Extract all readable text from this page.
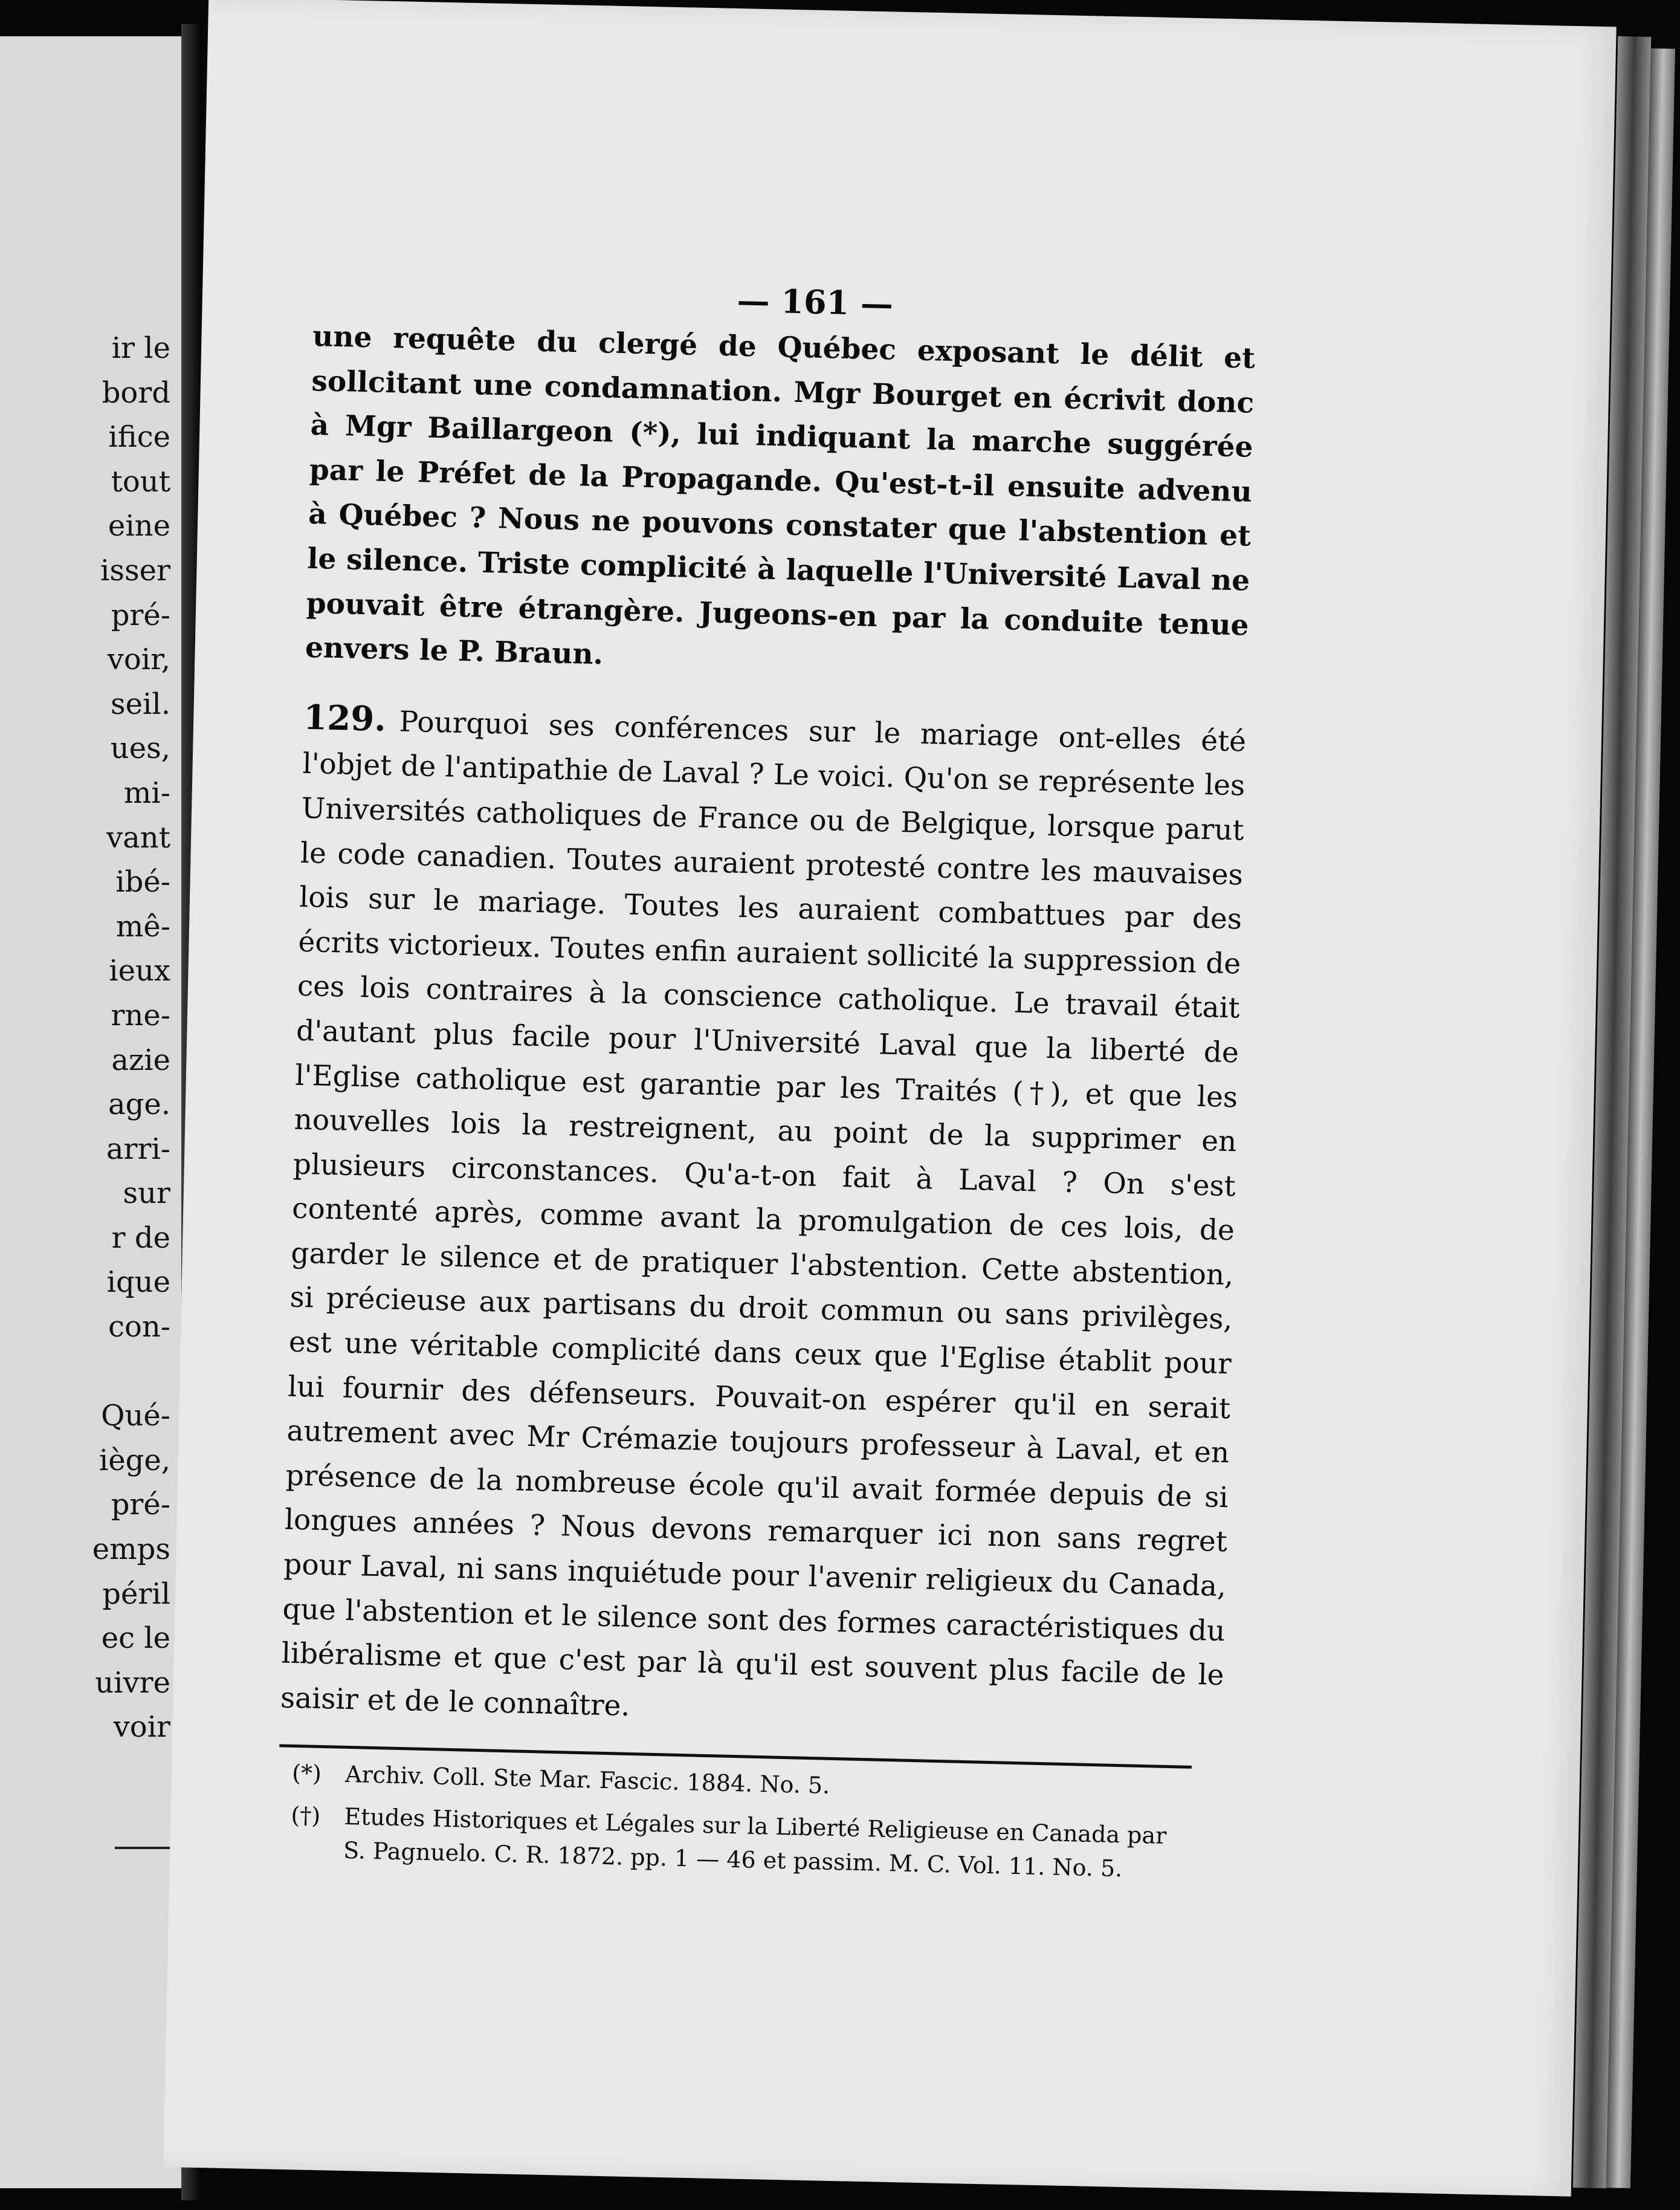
ir le
bord
ifice
tout
eine
isser
pré-
voir,
seil.
ues,
mi-
vant
ibé-
mê-
ieux
rne-
azie
age.
arri-
sur
r de
ique
con-
Qué-
iège,
pré-
emps
péril
ec le
uivre
voir
— 161 —

une requête du clergé de Québec exposant le délit et sollcitant une condamnation. Mgr Bourget en écrivit donc à Mgr Baillargeon (*), lui indiquant la marche suggérée par le Préfet de la Propagande. Qu'est-t-il ensuite advenu à Québec ? Nous ne pouvons constater que l'abstention et le silence. Triste complicité à laquelle l'Université Laval ne pouvait être étrangère. Jugeons-en par la conduite tenue envers le P. Braun.

129. Pourquoi ses conférences sur le mariage ont-elles été l'objet de l'antipathie de Laval ? Le voici. Qu'on se représente les Universités catholiques de France ou de Belgique, lorsque parut le code canadien. Toutes auraient protesté contre les mauvaises lois sur le mariage. Toutes les auraient combattues par des écrits victorieux. Toutes enfin auraient sollicité la suppression de ces lois contraires à la conscience catholique. Le travail était d'autant plus facile pour l'Université Laval que la liberté de l'Eglise catholique est garantie par les Traités (†), et que les nouvelles lois la restreignent, au point de la supprimer en plusieurs circonstances. Qu'a-t-on fait à Laval ? On s'est contenté après, comme avant la promulgation de ces lois, de garder le silence et de pratiquer l'abstention. Cette abstention, si précieuse aux partisans du droit commun ou sans privilèges, est une véritable complicité dans ceux que l'Eglise établit pour lui fournir des défenseurs. Pouvait-on espérer qu'il en serait autrement avec Mr Crémazie toujours professeur à Laval, et en présence de la nombreuse école qu'il avait formée depuis de si longues années ? Nous devons remarquer ici non sans regret pour Laval, ni sans inquiétude pour l'avenir religieux du Canada, que l'abstention et le silence sont des formes caractéristiques du libéralisme et que c'est par là qu'il est souvent plus facile de le saisir et de le connaître.

(*)	Archiv. Coll. Ste Mar. Fascic. 1884. No. 5.
(†)	Etudes Historiques et Légales sur la Liberté Religieuse en Canada par S. Pagnuelo. C. R. 1872. pp. 1 — 46 et passim. M. C. Vol. 11. No. 5.
